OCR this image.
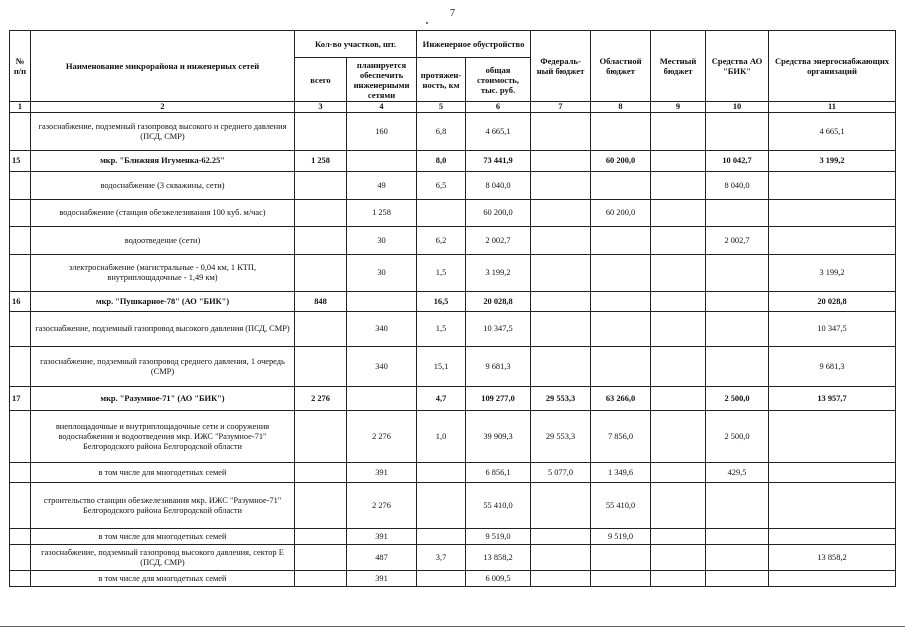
7
№ п/п	Наименование микрорайона и инженерных сетей	Кол-во участков, шт.		Инженерное обустройство		Федераль-ный бюджет	Областной бюджет	Местный бюджет	Средства АО "БИК"	Средства энергоснабжающих организаций
		всего	планируется обеспечить инженерными сетями	протяжен-ность, км	общая стоимость, тыс. руб.					
1	2	3	4	5	6	7	8	9	10	11
	газоснабжение, подземный газопровод высокого и среднего давления (ПСД, СМР)		160	6,8	4 665,1					4 665,1
15	мкр. "Ближняя Игуменка-62.25"	1 258		8,0	73 441,9		60 200,0		10 042,7	3 199,2
	водоснабжение (3 скважины, сети)		49	6,5	8 040,0				8 040,0	
	водоснабжение (станция обезжелезивания 100 куб. м/час)		1 258		60 200,0		60 200,0			
	водоотведение (сети)		30	6,2	2 002,7				2 002,7	
	электроснабжение (магистральные - 0,04 км, 1 КТП, внутриплощадочные - 1,49 км)		30	1,5	3 199,2					3 199,2
16	мкр. "Пушкарное-78" (АО "БИК")	848		16,5	20 028,8					20 028,8
	газоснабжение, подземный газопровод высокого давления (ПСД, СМР)		340	1,5	10 347,5					10 347,5
	газоснабжение, подземный газопровод среднего давления, 1 очередь (СМР)		340	15,1	9 681,3					9 681,3
17	мкр. "Разумное-71" (АО "БИК")	2 276		4,7	109 277,0	29 553,3	63 266,0		2 500,0	13 957,7
	внеплощадочные и внутриплощадочные сети и сооружения водоснабжения и водоотведения мкр. ИЖС "Разумное-71" Белгородского района Белгородской области		2 276	1,0	39 909,3	29 553,3	7 856,0		2 500,0	
	в том числе для многодетных семей		391		6 856,1	5 077,0	1 349,6		429,5	
	строительство станции обезжелезивания мкр. ИЖС "Разумное-71" Белгородского района Белгородской области		2 276		55 410,0		55 410,0			
	в том числе для многодетных семей		391		9 519,0		9 519,0			
	газоснабжение, подземный газопровод высокого давления, сектор Е (ПСД, СМР)		487	3,7	13 858,2					13 858,2
	в том числе для многодетных семей		391		6 009,5					
